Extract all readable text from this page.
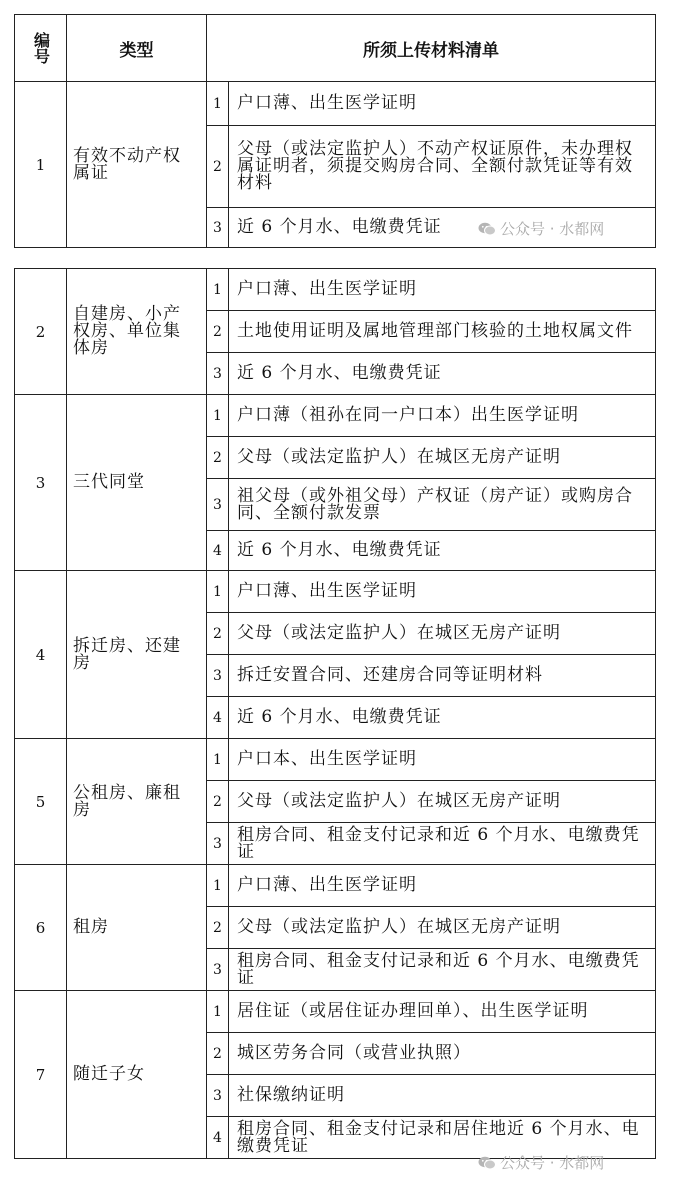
编号	类型	所须上传材料清单	
1	有效不动产权属证	1	户口薄、出生医学证明
		2	父母（或法定监护人）不动产权证原件，未办理权属证明者，须提交购房合同、全额付款凭证等有效材料
		3	近 6 个月水、电缴费凭证
2	自建房、小产权房、单位集体房	1	户口薄、出生医学证明
		2	土地使用证明及属地管理部门核验的土地权属文件
		3	近 6 个月水、电缴费凭证
3	三代同堂	1	户口薄（祖孙在同一户口本）出生医学证明
		2	父母（或法定监护人）在城区无房产证明
		3	祖父母（或外祖父母）产权证（房产证）或购房合同、全额付款发票
		4	近 6 个月水、电缴费凭证
4	拆迁房、还建房	1	户口薄、出生医学证明
		2	父母（或法定监护人）在城区无房产证明
		3	拆迁安置合同、还建房合同等证明材料
		4	近 6 个月水、电缴费凭证
5	公租房、廉租房	1	户口本、出生医学证明
		2	父母（或法定监护人）在城区无房产证明
		3	租房合同、租金支付记录和近 6 个月水、电缴费凭证
6	租房	1	户口薄、出生医学证明
		2	父母（或法定监护人）在城区无房产证明
		3	租房合同、租金支付记录和近 6 个月水、电缴费凭证
7	随迁子女	1	居住证（或居住证办理回单）、出生医学证明
		2	城区劳务合同（或营业执照）
		3	社保缴纳证明
		4	租房合同、租金支付记录和居住地近 6 个月水、电缴费凭证
公众号 · 水都网
公众号 · 水都网
